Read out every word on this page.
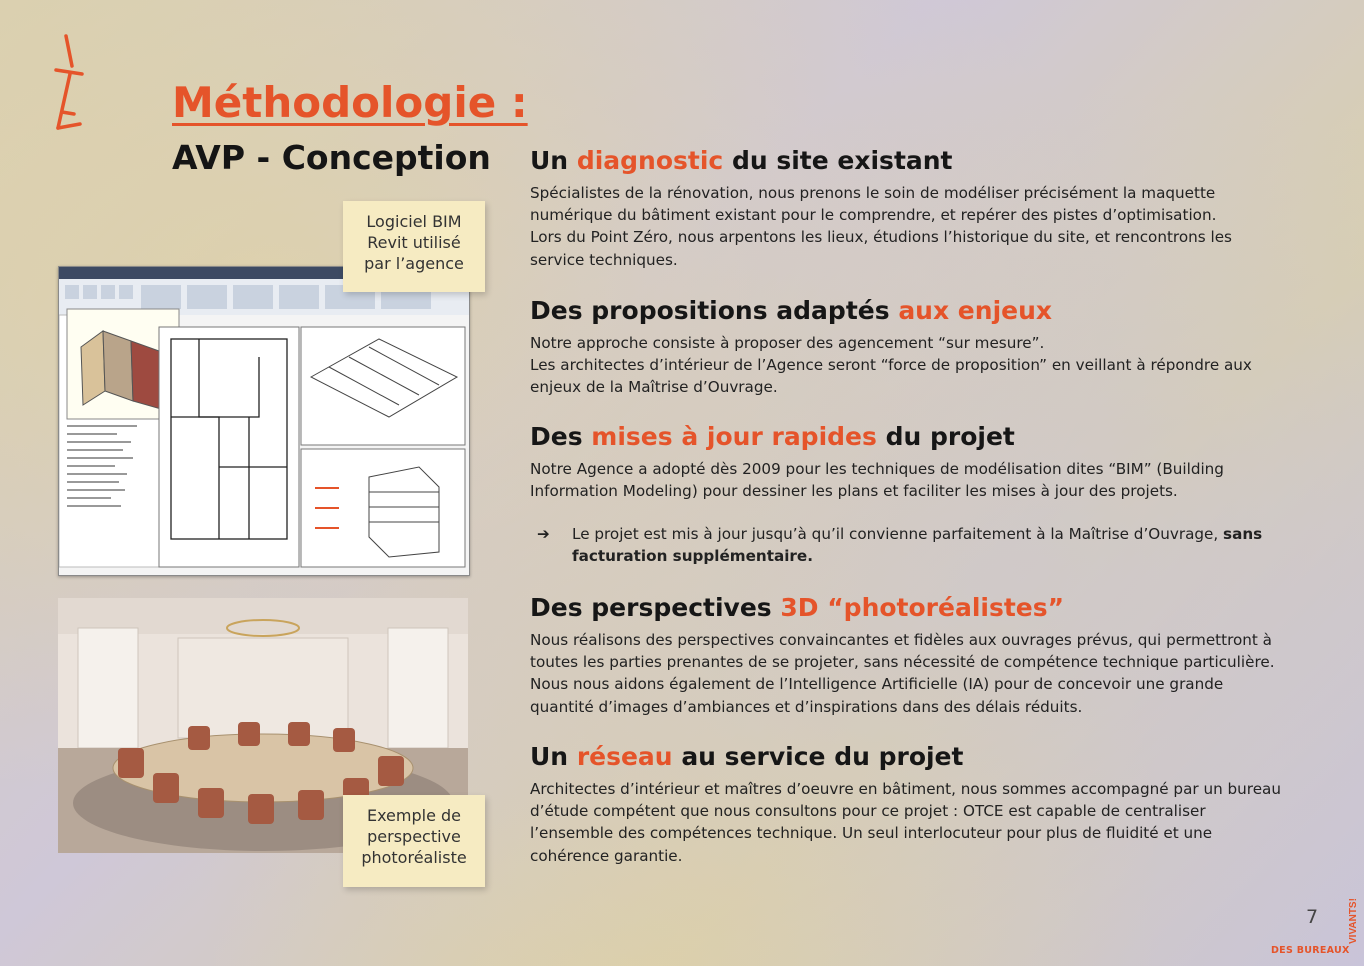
Méthodologie :
AVP - Conception
Logiciel BIM
Revit utilisé
par l’agence
Exemple de
perspective
photoréaliste
Un diagnostic du site existant

Spécialistes de la rénovation, nous prenons le soin de modéliser précisément la maquette
numérique du bâtiment existant pour le comprendre, et repérer des pistes d’optimisation.
Lors du Point Zéro, nous arpentons les lieux, étudions l’historique du site, et rencontrons les
service techniques.

Des propositions adaptés aux enjeux

Notre approche consiste à proposer des agencement “sur mesure”.
Les architectes d’intérieur de l’Agence seront “force de proposition” en veillant à répondre aux
enjeux de la Maîtrise d’Ouvrage.

Des mises à jour rapides du projet

Notre Agence a adopté dès 2009 pour les techniques de modélisation dites “BIM” (Building
Information Modeling) pour dessiner les plans et faciliter les mises à jour des projets.

➔ Le projet est mis à jour jusqu’à qu’il convienne parfaitement à la Maîtrise d’Ouvrage, sans
facturation supplémentaire.
Des perspectives 3D “photoréalistes”

Nous réalisons des perspectives convaincantes et fidèles aux ouvrages prévus, qui permettront à
toutes les parties prenantes de se projeter, sans nécessité de compétence technique particulière.
Nous nous aidons également de l’Intelligence Artificielle (IA) pour de concevoir une grande
quantité d’images d’ambiances et d’inspirations dans des délais réduits.

Un réseau au service du projet

Architectes d’intérieur et maîtres d’oeuvre en bâtiment, nous sommes accompagné par un bureau
d’étude compétent que nous consultons pour ce projet : OTCE est capable de centraliser
l’ensemble des compétences technique. Un seul interlocuteur pour plus de fluidité et une
cohérence garantie.

7	VIVANTS!
DES BUREAUX
